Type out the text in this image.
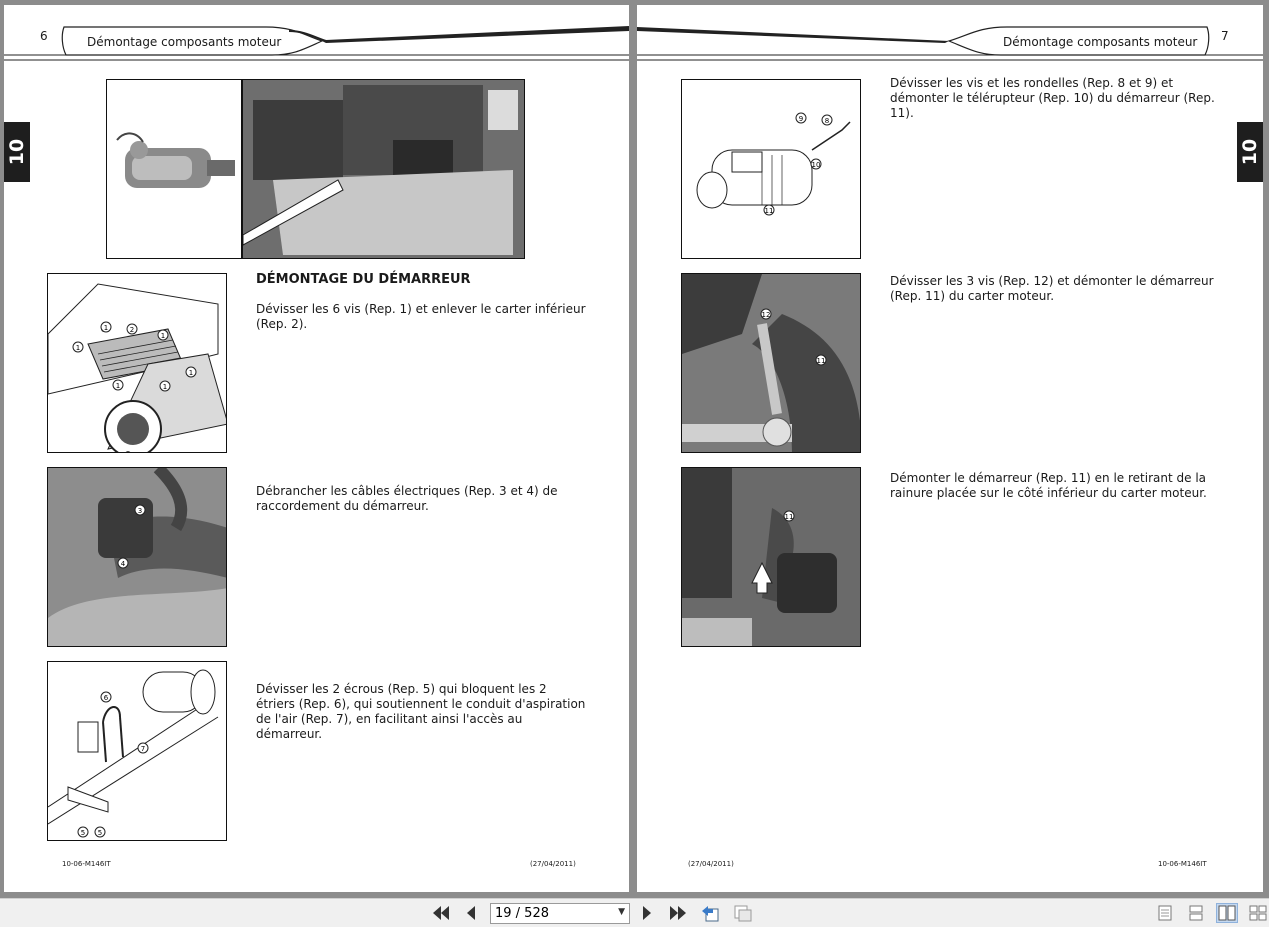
6	Démontage composants moteur
10
1
1
2
1
1
1	1
DÉMONTAGE DU DÉMARREUR
Dévisser les 6 vis (Rep. 1) et enlever le carter inférieur (Rep. 2).
3
4
Débrancher les câbles électriques (Rep. 3 et 4) de raccordement du démarreur.
6
7
5 5
Dévisser les 2 écrous (Rep. 5) qui bloquent les 2 étriers (Rep. 6), qui soutiennent le conduit d'aspiration de l'air (Rep. 7), en facilitant ainsi l'accès au démarreur.
10-06-M146IT	(27/04/2011)
Démontage composants moteur 7
10
9	8
10
11
Dévisser les vis et les rondelles (Rep. 8 et 9) et démonter le télérupteur (Rep. 10) du démarreur (Rep. 11).
12
11
Dévisser les 3 vis (Rep. 12) et démonter le démarreur (Rep. 11) du carter moteur.
11
Démonter le démarreur (Rep. 11) en le retirant de la rainure placée sur le côté inférieur du carter moteur.
(27/04/2011)	10-06-M146IT
19 / 528
▼
